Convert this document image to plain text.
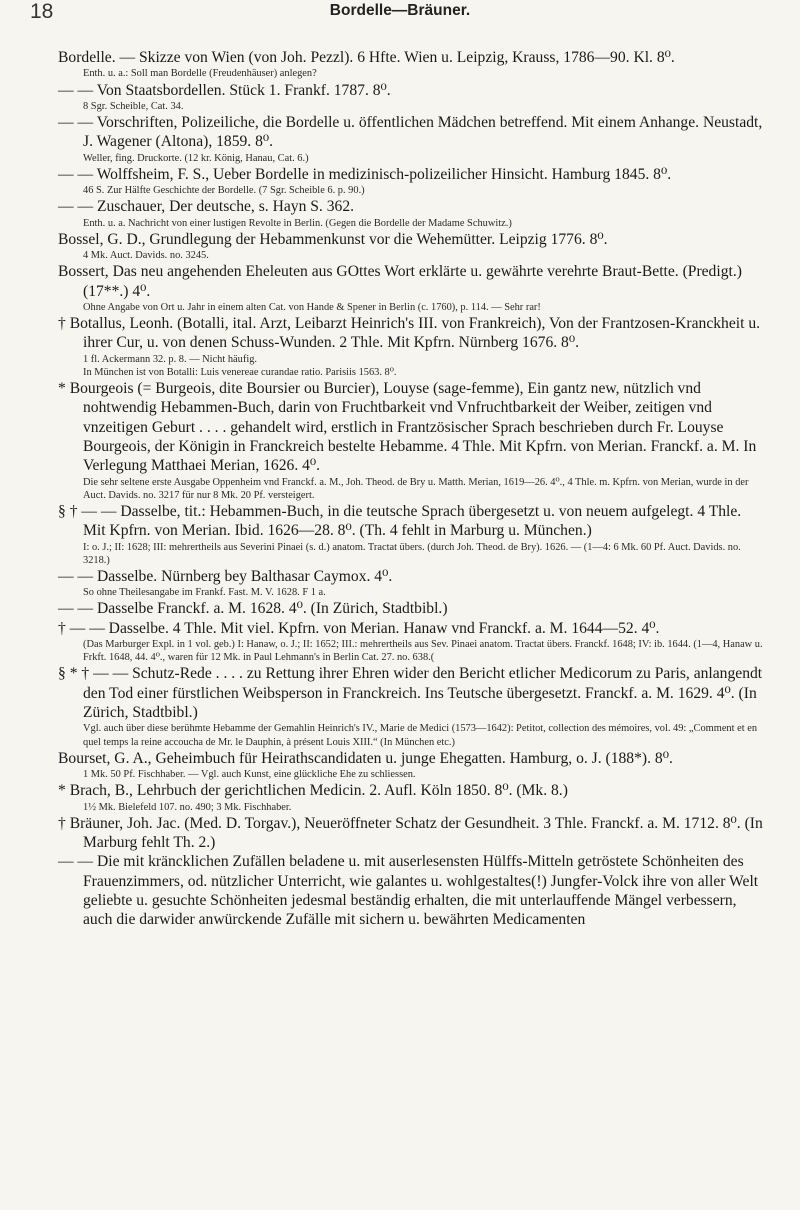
18	Bordelle—Bräuner.

Bordelle. — Skizze von Wien (von Joh. Pezzl). 6 Hfte. Wien u. Leipzig, Krauss, 1786—90. Kl. 8⁰.

Enth. u. a.: Soll man Bordelle (Freudenhäuser) anlegen?

— — Von Staatsbordellen. Stück 1. Frankf. 1787. 8⁰.

8 Sgr. Scheible, Cat. 34.

— — Vorschriften, Polizeiliche, die Bordelle u. öffentlichen Mädchen betreffend. Mit einem Anhange. Neustadt, J. Wagener (Altona), 1859. 8⁰.

Weller, fing. Druckorte. (12 kr. König, Hanau, Cat. 6.)

— — Wolffsheim, F. S., Ueber Bordelle in medizinisch-polizeilicher Hinsicht. Hamburg 1845. 8⁰.

46 S. Zur Hälfte Geschichte der Bordelle. (7 Sgr. Scheible 6. p. 90.)

— — Zuschauer, Der deutsche, s. Hayn S. 362.

Enth. u. a. Nachricht von einer lustigen Revolte in Berlin. (Gegen die Bordelle der Madame Schuwitz.)

Bossel, G. D., Grundlegung der Hebammenkunst vor die Wehemütter. Leipzig 1776. 8⁰.

4 Mk. Auct. Davids. no. 3245.

Bossert, Das neu angehenden Eheleuten aus GOttes Wort erklärte u. gewährte verehrte Braut-Bette. (Predigt.) (17**.) 4⁰.

Ohne Angabe von Ort u. Jahr in einem alten Cat. von Hande & Spener in Berlin (c. 1760), p. 114. — Sehr rar!

† Botallus, Leonh. (Botalli, ital. Arzt, Leibarzt Heinrich's III. von Frankreich), Von der Frantzosen-Kranckheit u. ihrer Cur, u. von denen Schuss-Wunden. 2 Thle. Mit Kpfrn. Nürnberg 1676. 8⁰.

1 fl. Ackermann 32. p. 8. — Nicht häufig.

In München ist von Botalli: Luis venereae curandae ratio. Parisiis 1563. 8⁰.

* Bourgeois (= Burgeois, dite Boursier ou Burcier), Louyse (sage-femme), Ein gantz new, nützlich vnd nohtwendig Hebammen-Buch, darin von Fruchtbarkeit vnd Vnfruchtbarkeit der Weiber, zeitigen vnd vnzeitigen Geburt . . . . gehandelt wird, erstlich in Frantzösischer Sprach beschrieben durch Fr. Louyse Bourgeois, der Königin in Franckreich bestelte Hebamme. 4 Thle. Mit Kpfrn. von Merian. Franckf. a. M. In Verlegung Matthaei Merian, 1626. 4⁰.

Die sehr seltene erste Ausgabe Oppenheim vnd Franckf. a. M., Joh. Theod. de Bry u. Matth. Merian, 1619—26. 4⁰., 4 Thle. m. Kpfrn. von Merian, wurde in der Auct. Davids. no. 3217 für nur 8 Mk. 20 Pf. versteigert.

§ † — — Dasselbe, tit.: Hebammen-Buch, in die teutsche Sprach übergesetzt u. von neuem aufgelegt. 4 Thle. Mit Kpfrn. von Merian. Ibid. 1626—28. 8⁰. (Th. 4 fehlt in Marburg u. München.)

I: o. J.; II: 1628; III: mehrertheils aus Severini Pinaei (s. d.) anatom. Tractat übers. (durch Joh. Theod. de Bry). 1626. — (1—4: 6 Mk. 60 Pf. Auct. Davids. no. 3218.)

— — Dasselbe. Nürnberg bey Balthasar Caymox. 4⁰.

So ohne Theilesangabe im Frankf. Fast. M. V. 1628. F 1 a.

— — Dasselbe Franckf. a. M. 1628. 4⁰. (In Zürich, Stadtbibl.)

† — — Dasselbe. 4 Thle. Mit viel. Kpfrn. von Merian. Hanaw vnd Franckf. a. M. 1644—52. 4⁰.

(Das Marburger Expl. in 1 vol. geb.) I: Hanaw, o. J.; II: 1652; III.: mehrertheils aus Sev. Pinaei anatom. Tractat übers. Franckf. 1648; IV: ib. 1644. (1—4, Hanaw u. Frkft. 1648, 44. 4⁰., waren für 12 Mk. in Paul Lehmann's in Berlin Cat. 27. no. 638.(

§ * † — — Schutz-Rede . . . . zu Rettung ihrer Ehren wider den Bericht etlicher Medicorum zu Paris, anlangendt den Tod einer fürstlichen Weibsperson in Franckreich. Ins Teutsche übergesetzt. Franckf. a. M. 1629. 4⁰. (In Zürich, Stadtbibl.)

Vgl. auch über diese berühmte Hebamme der Gemahlin Heinrich's IV., Marie de Medici (1573—1642): Petitot, collection des mémoires, vol. 49: „Comment et en quel temps la reine accoucha de Mr. le Dauphin, à présent Louis XIII.“ (In München etc.)

Bourset, G. A., Geheimbuch für Heirathscandidaten u. junge Ehegatten. Hamburg, o. J. (188*). 8⁰.

1 Mk. 50 Pf. Fischhaber. — Vgl. auch Kunst, eine glückliche Ehe zu schliessen.

* Brach, B., Lehrbuch der gerichtlichen Medicin. 2. Aufl. Köln 1850. 8⁰. (Mk. 8.)

1½ Mk. Bielefeld 107. no. 490; 3 Mk. Fischhaber.

† Bräuner, Joh. Jac. (Med. D. Torgav.), Neueröffneter Schatz der Gesundheit. 3 Thle. Franckf. a. M. 1712. 8⁰. (In Marburg fehlt Th. 2.)

— — Die mit kräncklichen Zufällen beladene u. mit auserlesensten Hülffs-Mitteln getröstete Schönheiten des Frauenzimmers, od. nützlicher Unterricht, wie galantes u. wohlgestaltes(!) Jungfer-Volck ihre von aller Welt geliebte u. gesuchte Schönheiten jedesmal beständig erhalten, die mit unterlauffende Mängel verbessern, auch die darwider anwürckende Zufälle mit sichern u. bewährten Medicamenten
